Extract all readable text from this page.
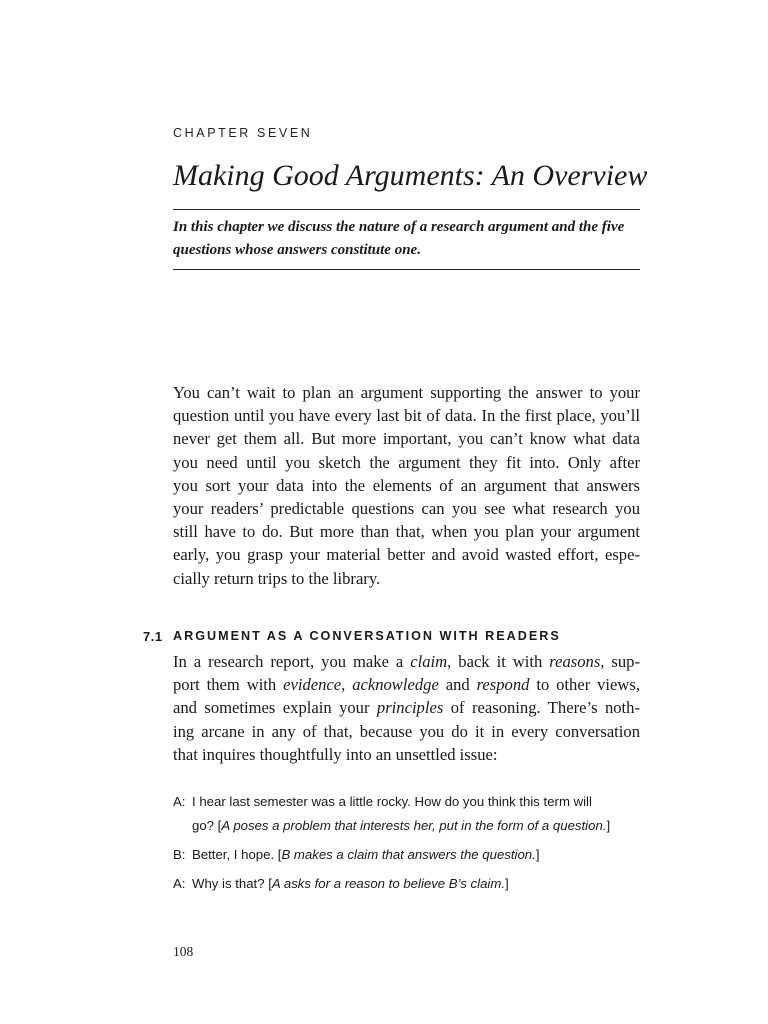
CHAPTER SEVEN
Making Good Arguments: An Overview

In this chapter we discuss the nature of a research argument and the five
questions whose answers constitute one.

You can’t wait to plan an argument supporting the answer to your
question until you have every last bit of data. In the first place, you’ll
never get them all. But more important, you can’t know what data
you need until you sketch the argument they fit into. Only after
you sort your data into the elements of an argument that answers
your readers’ predictable questions can you see what research you
still have to do. But more than that, when you plan your argument
early, you grasp your material better and avoid wasted effort, espe-
cially return trips to the library.

7.1 ARGUMENT AS A CONVERSATION WITH READERS

In a research report, you make a claim, back it with reasons, sup-
port them with evidence, acknowledge and respond to other views,
and sometimes explain your principles of reasoning. There’s noth-
ing arcane in any of that, because you do it in every conversation
that inquires thoughtfully into an unsettled issue:

A: I hear last semester was a little rocky. How do you think this term will
go? [A poses a problem that interests her, put in the form of a question.]
B: Better, I hope. [B makes a claim that answers the question.]
A: Why is that? [A asks for a reason to believe B’s claim.]
108
